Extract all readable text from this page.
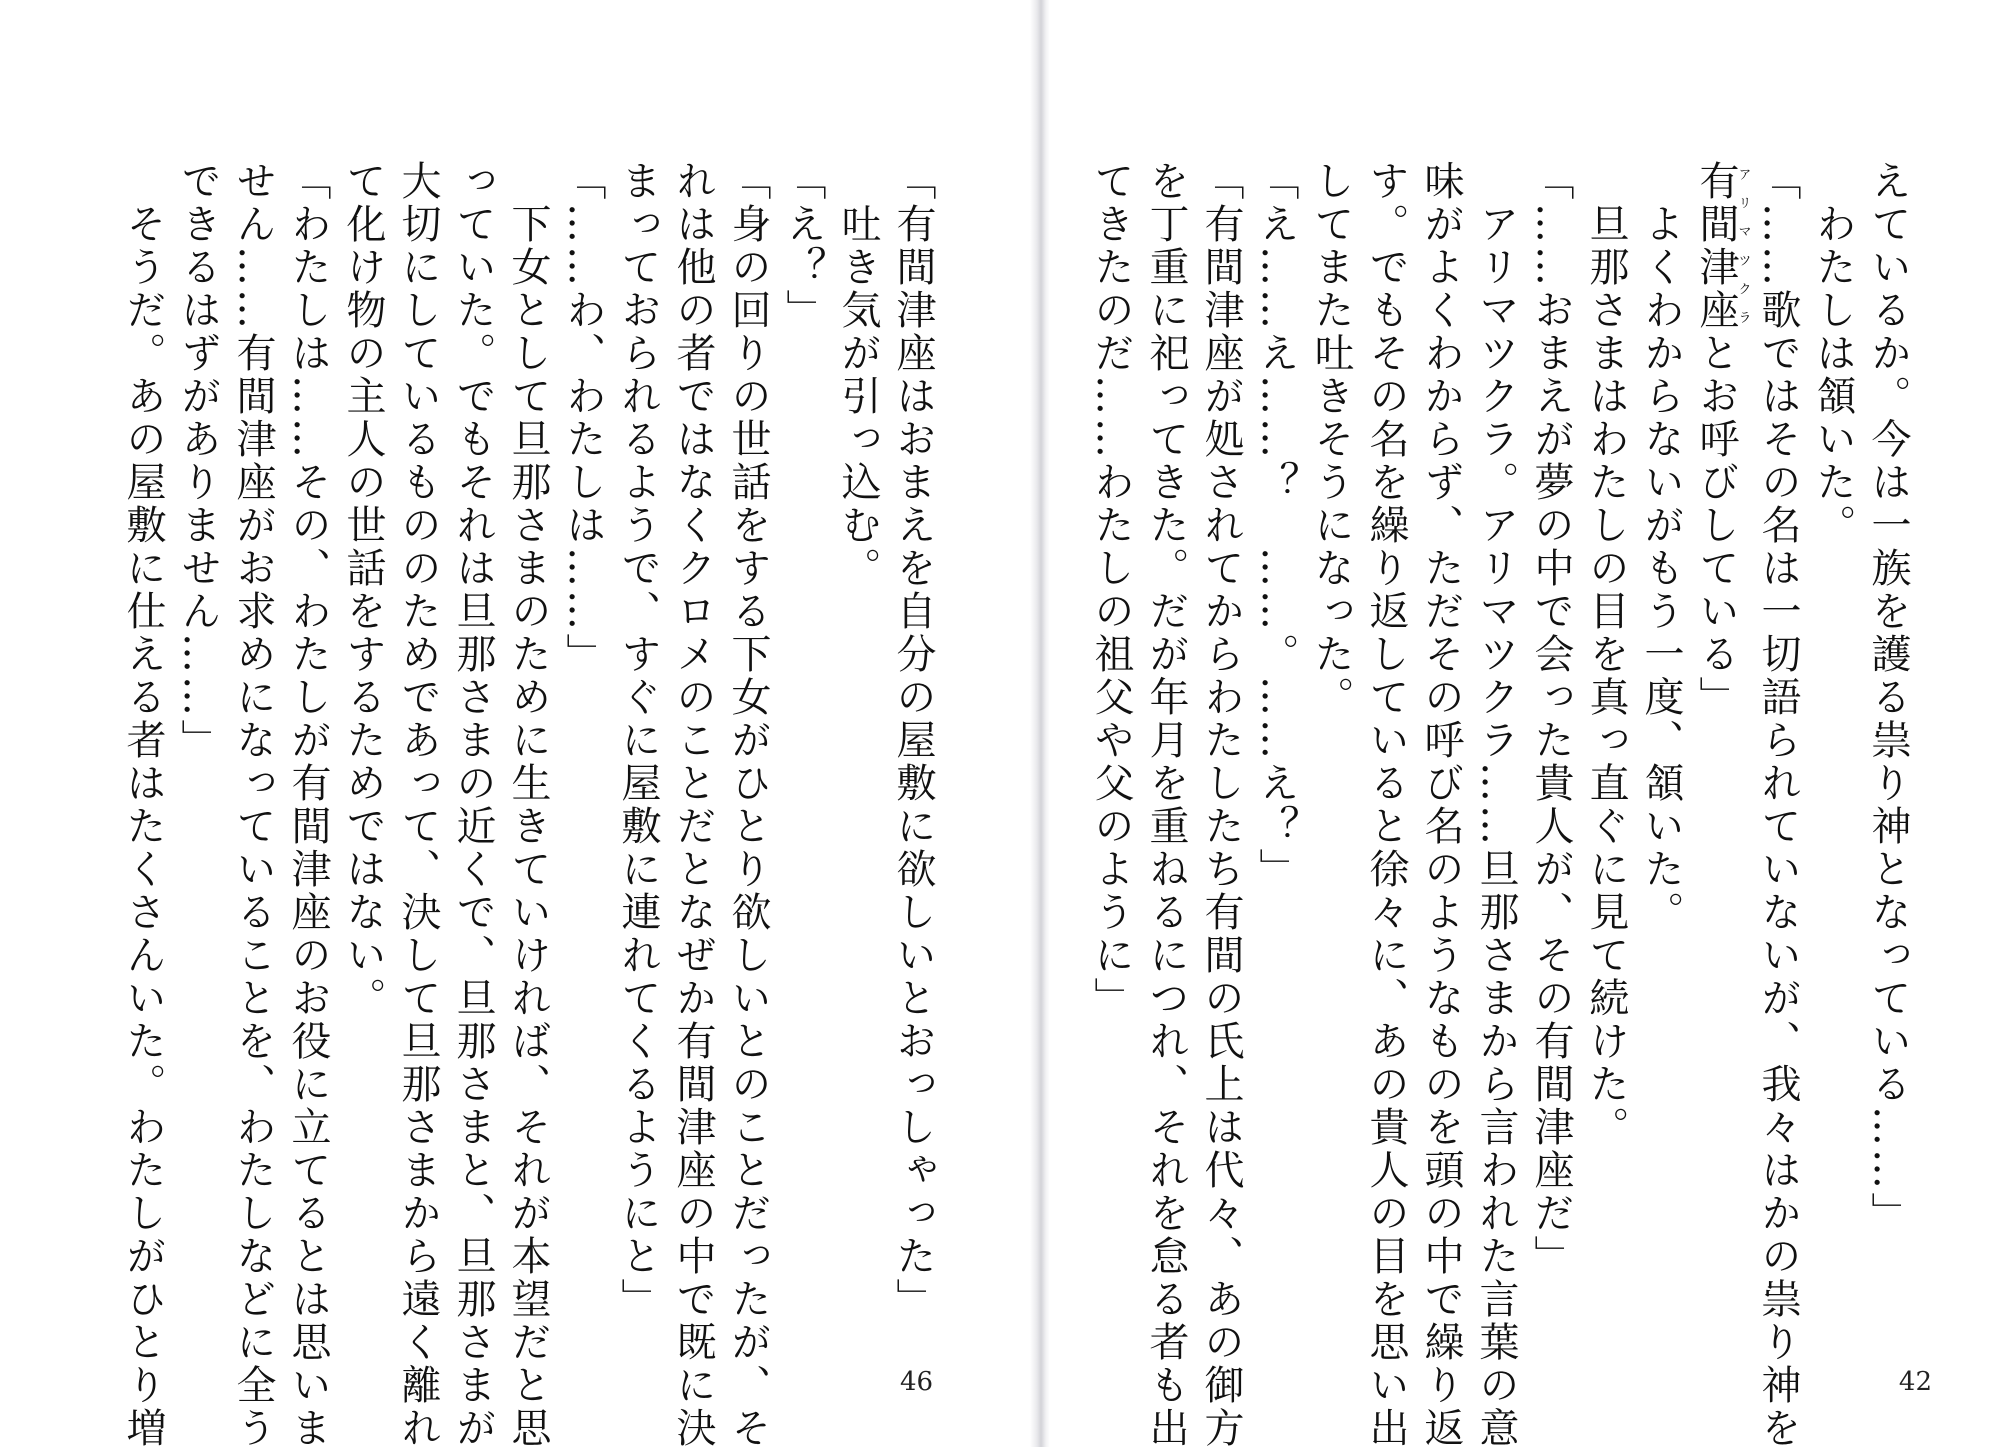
「有間津座はおまえを自分の屋敷に欲しいとおっしゃった」
　吐き気が引っ込む。
「え？」
「身の回りの世話をする下女がひとり欲しいとのことだったが、そ
れは他の者ではなくクロメのことだとなぜか有間津座の中で既に決
まっておられるようで、すぐに屋敷に連れてくるようにと」
「……わ、わたしは……」
　下女として旦那さまのために生きていければ、それが本望だと思
っていた。でもそれは旦那さまの近くで、旦那さまと、旦那さまが
大切にしているもののためであって、決して旦那さまから遠く離れ
て化け物の主人の世話をするためではない。
「わたしは……その、わたしが有間津座のお役に立てるとは思いま
せん……有間津座がお求めになっていることを、わたしなどに全う
できるはずがありません……」
　そうだ。あの屋敷に仕える者はたくさんいた。わたしがひとり増	46
えているか。今は一族を護る祟り神となっている……」
　わたしは頷いた。
「……歌ではその名は一切語られていないが、我々はかの祟り神を
有間津座アリマツクラとお呼びしている」
　よくわからないがもう一度、頷いた。
　旦那さまはわたしの目を真っ直ぐに見て続けた。
「……おまえが夢の中で会った貴人が、その有間津座だ」
　アリマツクラ。アリマツクラ……旦那さまから言われた言葉の意
味がよくわからず、ただその呼び名のようなものを頭の中で繰り返
す。でもその名を繰り返していると徐々に、あの貴人の目を思い出
してまた吐きそうになった。
「え……え……？　……。……え？」
「有間津座が処されてからわたしたち有間の氏上は代々、あの御方
を丁重に祀ってきた。だが年月を重ねるにつれ、それを怠る者も出
てきたのだ……わたしの祖父や父のように」
42
